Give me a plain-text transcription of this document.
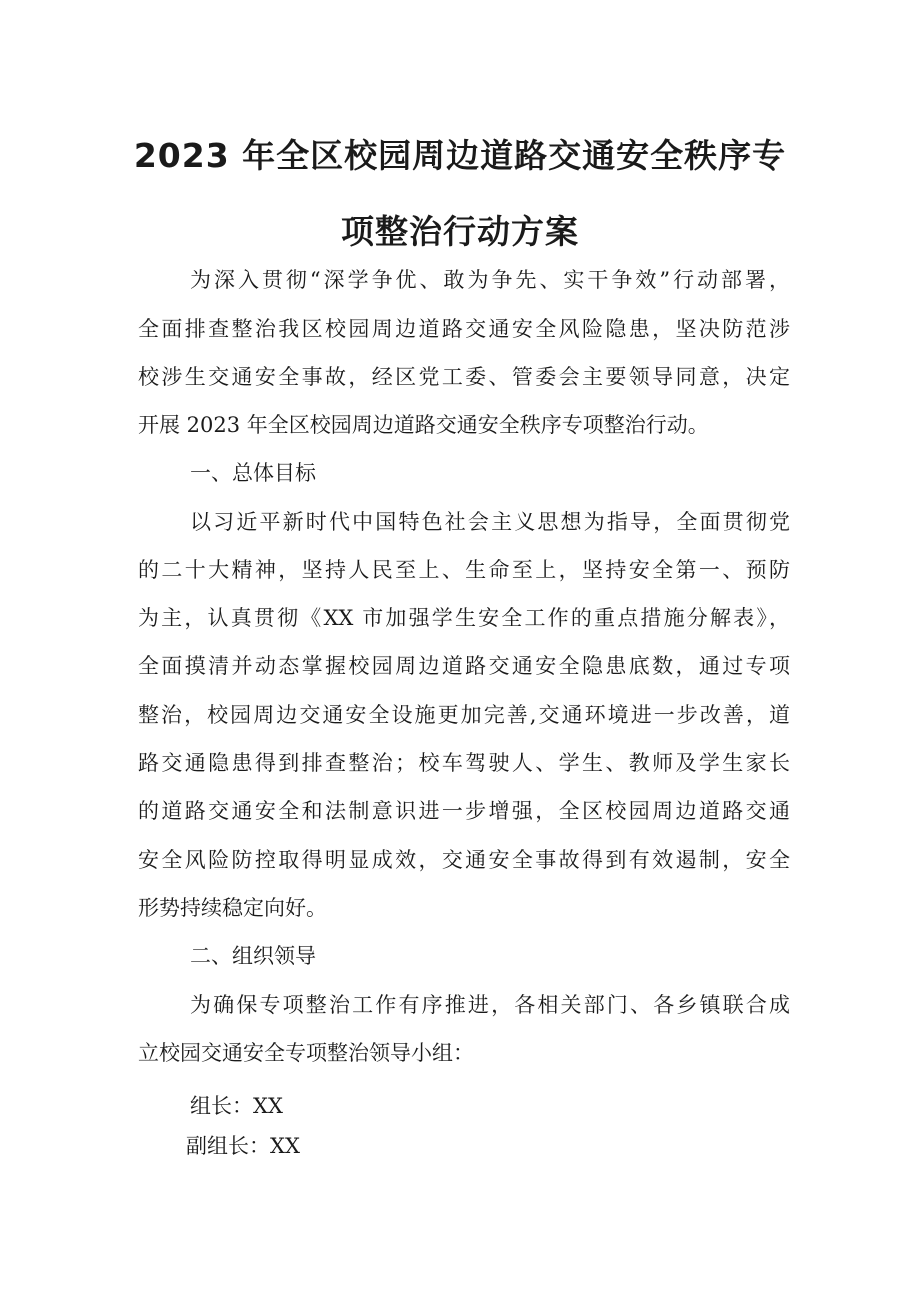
2023 年全区校园周边道路交通安全秩序专
项整治行动方案

为深入贯彻“深学争优、敢为争先、实干争效”行动部署，

全面排查整治我区校园周边道路交通安全风险隐患，坚决防范涉

校涉生交通安全事故，经区党工委、管委会主要领导同意，决定

开展 2023 年全区校园周边道路交通安全秩序专项整治行动。

一、总体目标

以习近平新时代中国特色社会主义思想为指导，全面贯彻党

的二十大精神，坚持人民至上、生命至上，坚持安全第一、预防

为主，认真贯彻《XX 市加强学生安全工作的重点措施分解表》，

全面摸清并动态掌握校园周边道路交通安全隐患底数，通过专项

整治，校园周边交通安全设施更加完善,交通环境进一步改善，道

路交通隐患得到排查整治；校车驾驶人、学生、教师及学生家长

的道路交通安全和法制意识进一步增强，全区校园周边道路交通

安全风险防控取得明显成效，交通安全事故得到有效遏制，安全

形势持续稳定向好。

二、组织领导

为确保专项整治工作有序推进，各相关部门、各乡镇联合成

立校园交通安全专项整治领导小组：

组长：XX

副组长：XX
